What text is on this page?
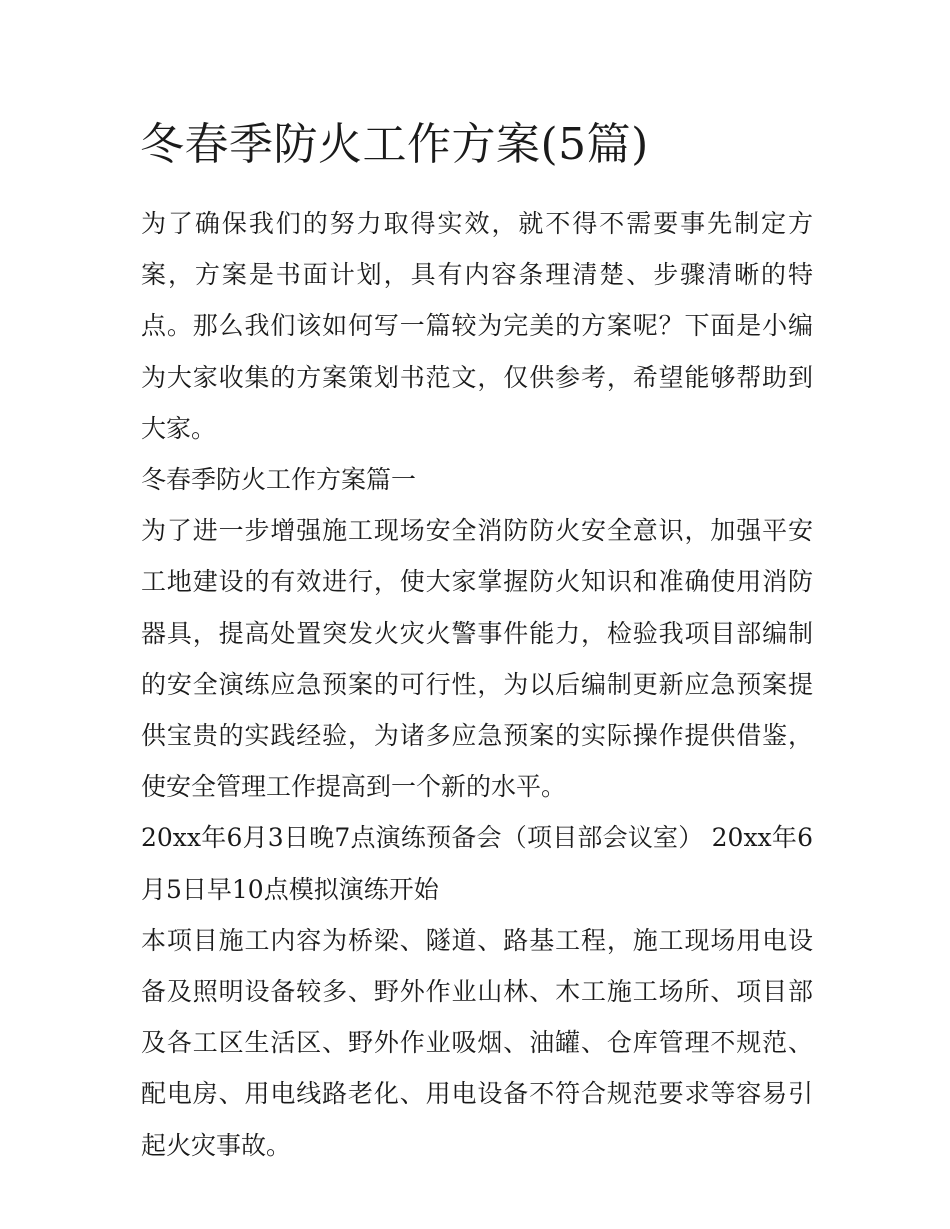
冬春季防火工作方案(5篇)

为了确保我们的努力取得实效，就不得不需要事先制定方案，方案是书面计划，具有内容条理清楚、步骤清晰的特点。那么我们该如何写一篇较为完美的方案呢？下面是小编为大家收集的方案策划书范文，仅供参考，希望能够帮助到大家。

冬春季防火工作方案篇一

为了进一步增强施工现场安全消防防火安全意识，加强平安工地建设的有效进行，使大家掌握防火知识和准确使用消防器具，提高处置突发火灾火警事件能力，检验我项目部编制的安全演练应急预案的可行性，为以后编制更新应急预案提供宝贵的实践经验，为诸多应急预案的实际操作提供借鉴，使安全管理工作提高到一个新的水平。

20xx年6月3日晚7点演练预备会（项目部会议室） 20xx年6月5日早10点模拟演练开始

本项目施工内容为桥梁、隧道、路基工程，施工现场用电设备及照明设备较多、野外作业山林、木工施工场所、项目部及各工区生活区、野外作业吸烟、油罐、仓库管理不规范、配电房、用电线路老化、用电设备不符合规范要求等容易引起火灾事故。
